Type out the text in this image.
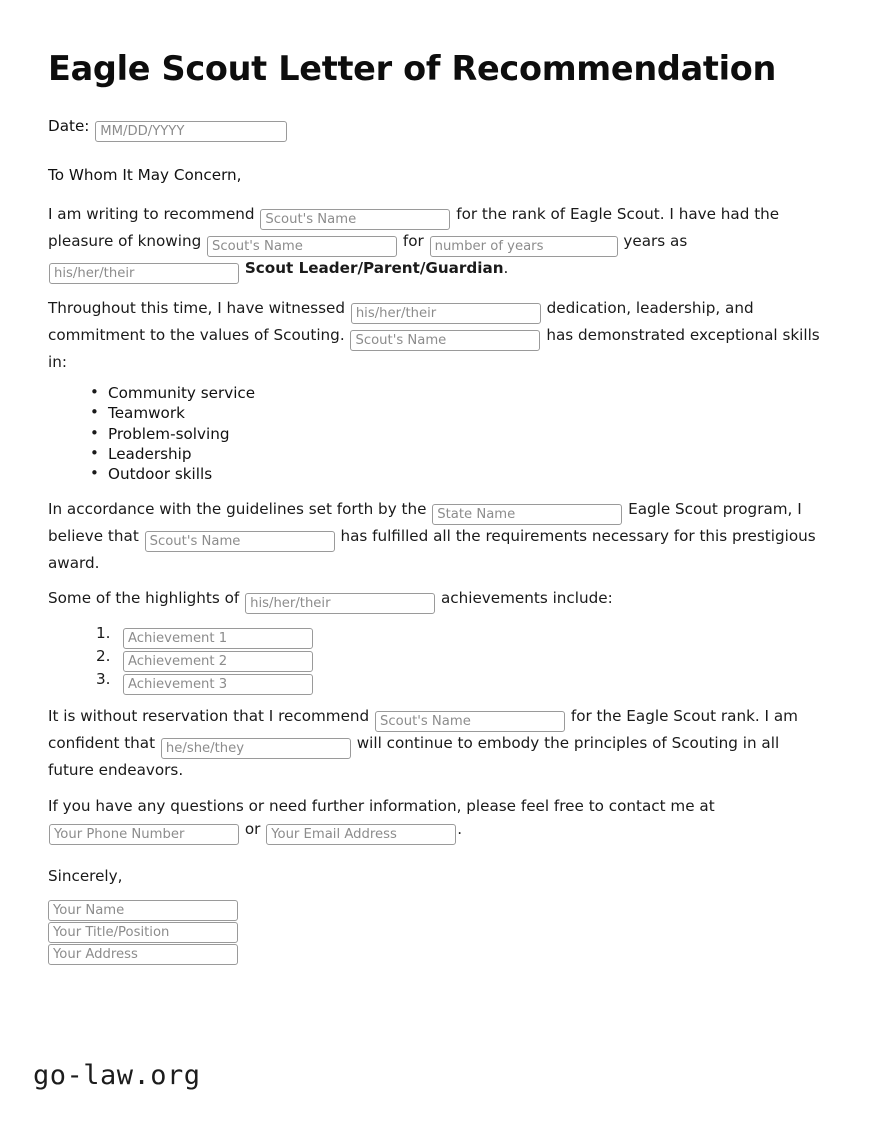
Eagle Scout Letter of Recommendation
Date: MM/DD/YYYY
To Whom It May Concern,
I am writing to recommend Scout's Name	for the rank of Eagle Scout. I have had the pleasure of knowing Scout's Name	for number of years	years as his/her/their Scout Leader/Parent/Guardian.
Throughout this time, I have witnessed his/her/their	dedication, leadership, and commitment to the values of Scouting. Scout's Name	has demonstrated exceptional skills in:
• Community service
• Teamwork
• Problem-solving
• Leadership
• Outdoor skills
In accordance with the guidelines set forth by the State Name	Eagle Scout program, I believe that Scout's Name	has fulfilled all the requirements necessary for this prestigious award.
Some of the highlights of his/her/their	achievements include:
Achievement 1
Achievement 2
Achievement 3
It is without reservation that I recommend Scout's Name	for the Eagle Scout rank. I am confident that he/she/they	will continue to embody the principles of Scouting in all future endeavors.
If you have any questions or need further information, please feel free to contact me at Your Phone Number or Your Email Address	.
Sincerely,
Your Name
Your Title/Position
Your Address
go-law.org
